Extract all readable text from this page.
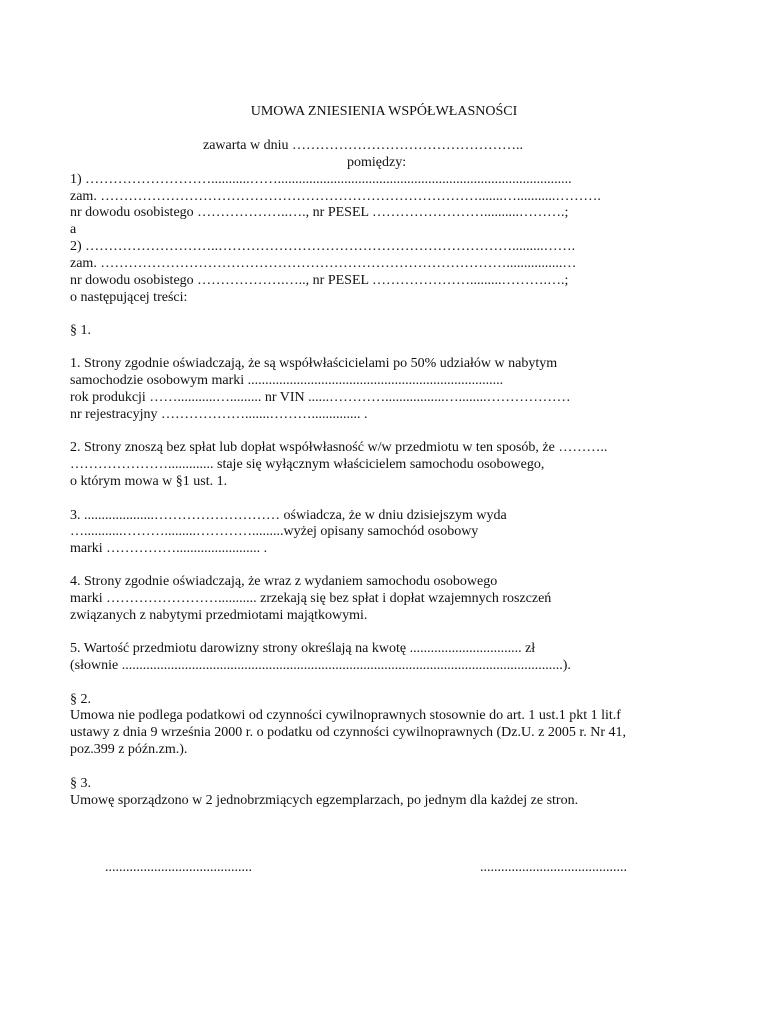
UMOWA ZNIESIENIA WSPÓŁWŁASNOŚCI
zawarta w dniu …………………………………………..
pomiędzy:
1) ………………………...........……....................................................................................
zam. ……………………………………………………………………….......…...........……….
nr dowodu osobistego ………………..…., nr PESEL ……………………..........……….;
a
2) ………………………..……………………………………………………….........…….
zam. ……………………………………………………………………………................…
nr dowodu osobistego ……………….….., nr PESEL ………………….........……….….;
o następującej treści:
§ 1.
1. Strony zgodnie oświadczają, że są współwłaścicielami po 50% udziałów w nabytym
samochodzie osobowym marki .........................................................................
rok produkcji ……...........…......... nr VIN ......………….................…........………………
nr rejestracyjny ……………….......……….............. .
2. Strony znoszą bez spłat lub dopłat współwłasność w/w przedmiotu w ten sposób, że ………..
…………………............. staje się wyłącznym właścicielem samochodu osobowego,
o którym mowa w §1 ust. 1.
3. ....................……………………… oświadcza, że w dniu dzisiejszym wyda
…...........……….........………….........wyżej opisany samochód osobowy
marki ……………........................ .
4. Strony zgodnie oświadczają, że wraz z wydaniem samochodu osobowego
marki ……………………........... zrzekają się bez spłat i dopłat wzajemnych roszczeń
związanych z nabytymi przedmiotami majątkowymi.
5. Wartość przedmiotu darowizny strony określają na kwotę ................................ zł
(słownie ..............................................................................................................................).
§ 2.
Umowa nie podlega podatkowi od czynności cywilnoprawnych stosownie do art. 1 ust.1 pkt 1 lit.f
ustawy z dnia 9 września 2000 r. o podatku od czynności cywilnoprawnych (Dz.U. z 2005 r. Nr 41,
poz.399 z późn.zm.).
§ 3.
Umowę sporządzono w 2 jednobrzmiących egzemplarzach, po jednym dla każdej ze stron.
..........................................	..........................................
